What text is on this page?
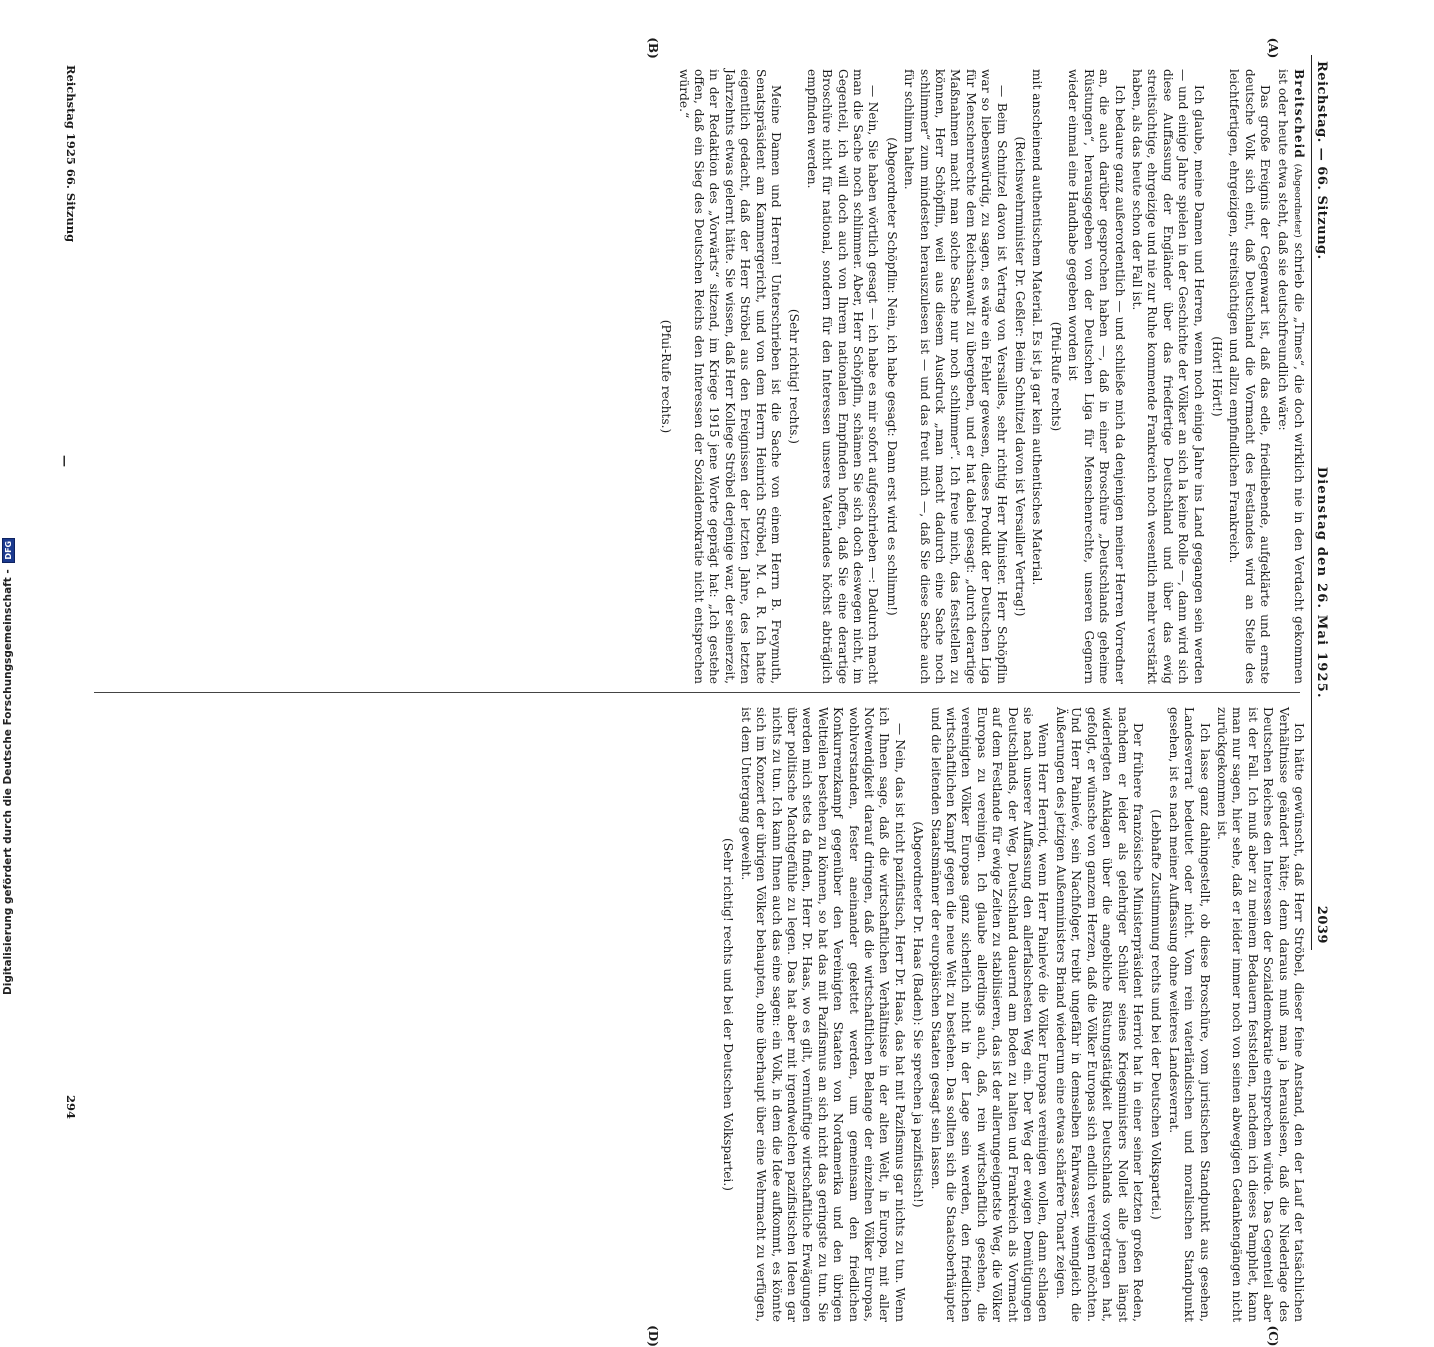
Reichstag. — 66. Sitzung.
Dienstag den 26. Mai 1925.
2039
(A)
(B)
(C)
(D)

Breitscheid (Abgeordneter) schrieb die „Times“, die doch wirklich nie in den Verdacht gekommen ist oder heute etwa steht, daß sie deutschfreundlich wäre:

Das große Ereignis der Gegenwart ist, daß das edle, friedliebende, aufgeklärte und ernste deutsche Volk sich eint, daß Deutschland die Vormacht des Festlandes wird an Stelle des leichtfertigen, ehrgeizigen, streitsüchtigen und allzu empfindlichen Frankreich.

(Hört! Hört!)

Ich glaube, meine Damen und Herren, wenn noch einige Jahre ins Land gegangen sein werden — und einige Jahre spielen in der Geschichte der Völker an sich la keine Rolle —, dann wird sich diese Auffassung der Engländer über das friedfertige Deutschland und über das ewig streitsüchtige, ehrgeizige und nie zur Ruhe kommende Frankreich noch wesentlich mehr verstärkt haben, als das heute schon der Fall ist.

Ich bedaure ganz außerordentlich — und schließe mich da denjenigen meiner Herren Vorredner an, die auch darüber gesprochen haben —, daß in einer Broschüre „Deutschlands geheime Rüstungen“, herausgegeben von der Deutschen Liga für Menschenrechte, unseren Gegnern wieder einmal eine Handhabe gegeben worden ist

(Pfui-Rufe rechts)

mit anscheinend authentischem Material. Es ist ja gar kein authentisches Material.

(Reichswehrminister Dr. Geßler: Beim Schnitzel davon ist Versailler Vertrag!)

— Beim Schnitzel davon ist Vertrag von Versailles, sehr richtig Herr Minister. Herr Schöpflin war so liebenswürdig, zu sagen, es wäre ein Fehler gewesen, dieses Produkt der Deutschen Liga für Menschenrechte dem Reichsanwalt zu übergeben, und er hat dabei gesagt: „durch derartige Maßnahmen macht man solche Sache nur noch schlimmer“. Ich freue mich, das feststellen zu können, Herr Schöpflin, weil aus diesem Ausdruck „man macht dadurch eine Sache noch schlimmer“ zum mindesten herauszulesen ist — und das freut mich —, daß Sie diese Sache auch für schlimm halten.

(Abgeordneter Schöpflin: Nein, ich habe gesagt: Dann erst wird es schlimm!)

— Nein, Sie haben wörtlich gesagt — ich habe es mir sofort aufgeschrieben —: Dadurch macht man die Sache noch schlimmer. Aber, Herr Schöpflin, schämen Sie sich doch deswegen nicht, im Gegenteil, ich will doch auch von Ihrem nationalen Empfinden hoffen, daß Sie eine derartige Broschüre nicht für national, sondern für den Interessen unseres Vaterlandes höchst abträglich empfinden werden.

(Sehr richtig! rechts.)

Meine Damen und Herren! Unterschrieben ist die Sache von einem Herrn B. Freymuth, Senatspräsident am Kammergericht, und von dem Herrn Heinrich Ströbel, M. d. R. Ich hatte eigentlich gedacht, daß der Herr Ströbel aus den Ereignissen der letzten Jahre, des letzten Jahrzehnts etwas gelernt hätte. Sie wissen, daß Herr Kollege Ströbel derjenige war, der seinerzeit, in der Redaktion des „Vorwärts“ sitzend, im Kriege 1915 jene Worte geprägt hat: „Ich gestehe offen, daß ein Sieg des Deutschen Reichs den Interessen der Sozialdemokratie nicht entsprechen würde.“

(Pfui-Rufe rechts.)

Ich hätte gewünscht, daß Herr Ströbel, dieser feine Anstand, den der Lauf der tatsächlichen Verhältnisse geändert hätte; denn daraus muß man ja herauslesen, daß die Niederlage des Deutschen Reiches den Interessen der Sozialdemokratie entsprechen würde. Das Gegenteil aber ist der Fall. Ich muß aber zu meinem Bedauern feststellen, nachdem ich dieses Pamphlet, kann man nur sagen, hier sehe, daß er leider immer noch von seinen abwegigen Gedankengängen nicht zurückgekommen ist.

Ich lasse ganz dahingestellt, ob diese Broschüre, vom juristischen Standpunkt aus gesehen, Landesverrat bedeutet oder nicht. Vom rein vaterländischen und moralischen Standpunkt gesehen, ist es nach meiner Auffassung ohne weiteres Landesverrat.

(Lebhafte Zustimmung rechts und bei der Deutschen Volkspartei.)

Der frühere französische Ministerpräsident Herriot hat in einer seiner letzten großen Reden, nachdem er leider als gelehriger Schüler seines Kriegsministers Nollet alle jenen längst widerlegten Anklagen über die angebliche Rüstungstätigkeit Deutschlands vorgetragen hat, gefolgt, er wünsche von ganzem Herzen, daß die Völker Europas sich endlich vereinigen möchten. Und Herr Painlevé, sein Nachfolger, treibt ungefähr in demselben Fahrwasser, wenngleich die Äußerungen des jetzigen Außenministers Briand wiederum eine etwas schärfere Tonart zeigen.

Wenn Herr Herriot, wenn Herr Painlevé die Völker Europas vereinigen wollen, dann schlagen sie nach unserer Auffassung den allerfalschesten Weg ein. Der Weg der ewigen Demütigungen Deutschlands, der Weg, Deutschland dauernd am Boden zu halten und Frankreich als Vormacht auf dem Festlande für ewige Zeiten zu stabilisieren, das ist der allerungeeignetste Weg, die Völker Europas zu vereinigen. Ich glaube allerdings auch, daß, rein wirtschaftlich gesehen, die vereinigten Völker Europas ganz sicherlich nicht in der Lage sein werden, den friedlichen wirtschaftlichen Kampf gegen die neue Welt zu bestehen. Das sollten sich die Staatsoberhäupter und die leitenden Staatsmänner der europäischen Staaten gesagt sein lassen.

(Abgeordneter Dr. Haas (Baden): Sie sprechen ja pazifistisch!)

— Nein, das ist nicht pazifistisch, Herr Dr. Haas, das hat mit Pazifismus gar nichts zu tun. Wenn ich Ihnen sage, daß die wirtschaftlichen Verhältnisse in der alten Welt, in Europa, mit aller Notwendigkeit darauf dringen, daß die wirtschaftlichen Belange der einzelnen Völker Europas, wohlverstanden, fester aneinander gekettet werden, um gemeinsam den friedlichen Konkurrenzkampf gegenüber den Vereinigten Staaten von Nordamerika und den übrigen Weltteilen bestehen zu können, so hat das mit Pazifismus an sich nicht das geringste zu tun. Sie werden mich stets da finden, Herr Dr. Haas, wo es gilt, vernünftige wirtschaftliche Erwägungen über politische Machtgefühle zu legen. Das hat aber mit irgendwelchen pazifistischen Ideen gar nichts zu tun. Ich kann Ihnen auch das eine sagen: ein Volk, in dem die Idee aufkommt, es könnte sich im Konzert der übrigen Völker behaupten, ohne überhaupt über eine Wehrmacht zu verfügen, ist dem Untergang geweiht.

(Sehr richtig! rechts und bei der Deutschen Volkspartei.)

Reichstag 1925 66. Sitzung
—
294
Digitalisierung gefördert durch die Deutsche Forschungsgemeinschaft - DFG
